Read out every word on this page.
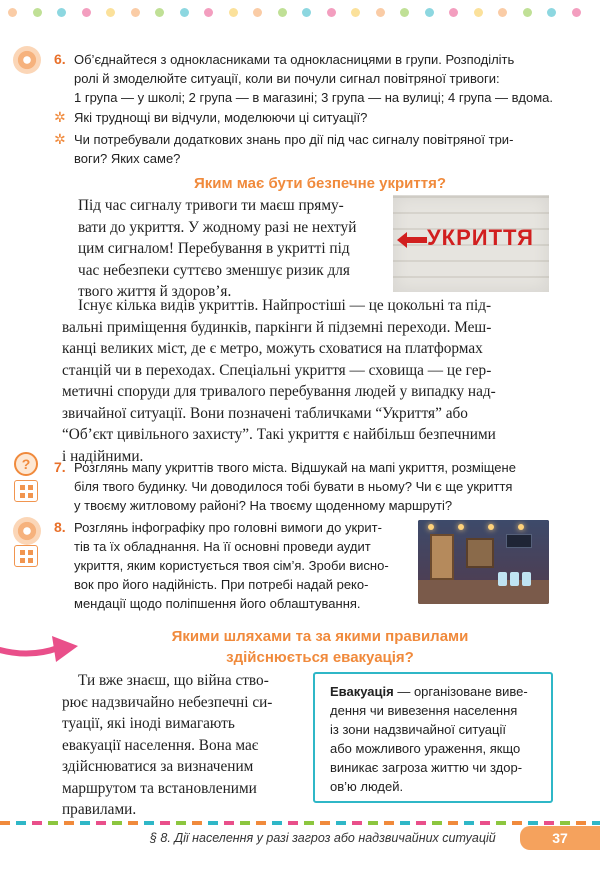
6. Об’єднайтеся з однокласниками та однокласницями в групи. Розподіліть
ролі й змоделюйте ситуації, коли ви почули сигнал повітряної тривоги:
1 група — у школі; 2 група — в магазині; 3 група — на вулиці; 4 група — вдома.
✲ Які труднощі ви відчули, моделюючи ці ситуації?
✲ Чи потребували додаткових знань про дії під час сигналу повітряної три-
воги? Яких саме?
Яким має бути безпечне укриття?
Під час сигналу тривоги ти маєш пряму-
вати до укриття. У жодному разі не нехтуй
цим сигналом! Перебування в укритті під
час небезпеки суттєво зменшує ризик для
твого життя й здоров’я.
УКРИТТЯ
Існує кілька видів укриттів. Найпростіші — це цокольні та під-
вальні приміщення будинків, паркінги й підземні переходи. Меш-
канці великих міст, де є метро, можуть сховатися на платформах
станцій чи в переходах. Спеціальні укриття — сховища — це гер-
метичні споруди для тривалого перебування людей у випадку над-
звичайної ситуації. Вони позначені табличками “Укриття” або
“Об’єкт цивільного захисту”. Такі укриття є найбільш безпечними
і надійними.
?	7. Розглянь мапу укриттів твого міста. Відшукай на мапі укриття, розміщене
біля твого будинку. Чи доводилося тобі бувати в ньому? Чи є ще укриття
у твоєму житловому районі? На твоєму щоденному маршруті?
8. Розглянь інфографіку про головні вимоги до укрит-
тів та їх обладнання. На її основні проведи аудит
укриття, яким користується твоя сім’я. Зроби висно-
вок про його надійність. При потребі надай реко-
мендації щодо поліпшення його облаштування.
Якими шляхами та за якими правилами
здійснюється евакуація?
Ти вже знаєш, що війна ство-
рює надзвичайно небезпечні си-
туації, які іноді вимагають
евакуації населення. Вона має
здійснюватися за визначеним
маршрутом та встановленими
правилами.
Евакуація — організоване виве-
дення чи вивезення населення
із зони надзвичайної ситуації
або можливого ураження, якщо
виникає загроза життю чи здор-
ов’ю людей.
§ 8. Дії населення у разі загроз або надзвичайних ситуацій	37
